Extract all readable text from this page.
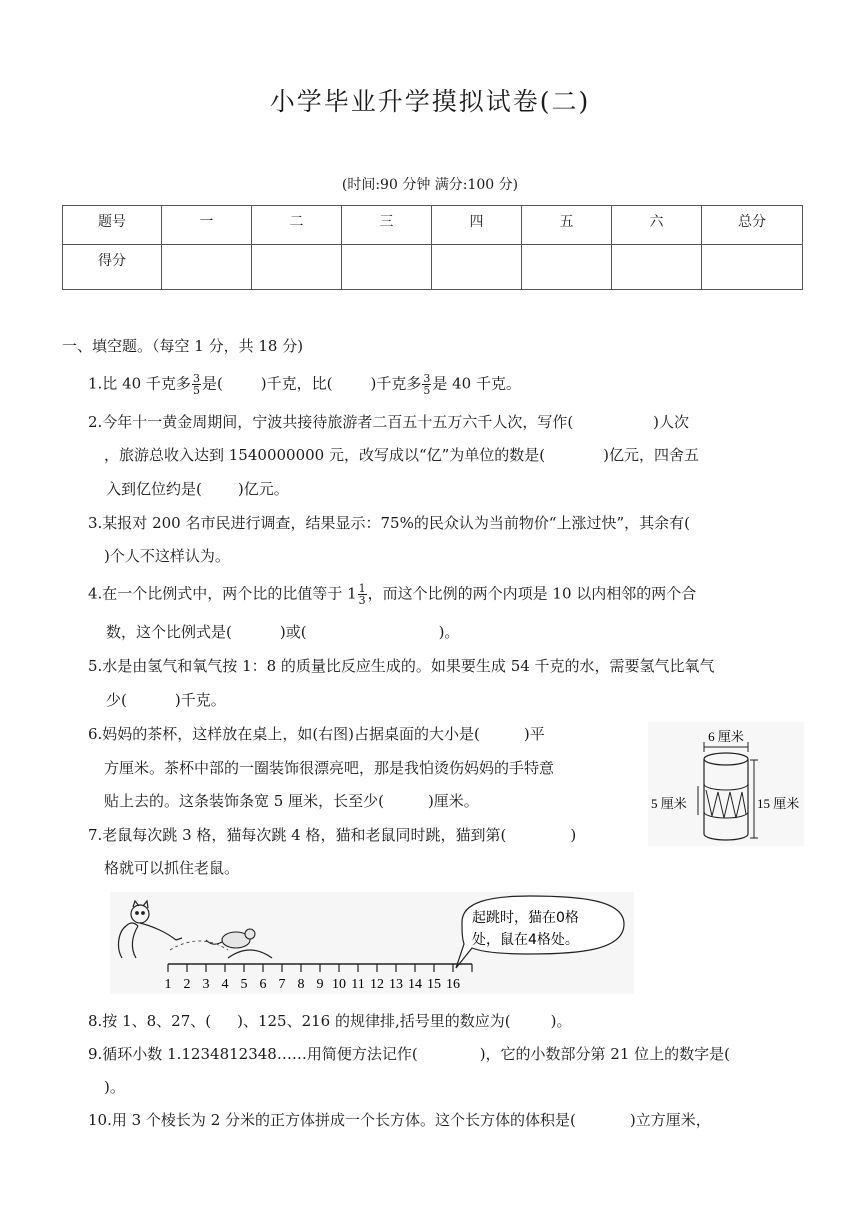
小学毕业升学摸拟试卷(二)
(时间:90 分钟 满分:100 分)
题号	一	二	三	四	五	六	总分
得分							
一、填空题。（每空 1 分，共 18 分)
1.比 40 千克多 $\frac{3}{5}$ 是(	)千克，比(	)千克多 $\frac{3}{5}$ 是 40 千克。
2.今年十一黄金周期间，宁波共接待旅游者二百五十五万六千人次，写作(	)人次
，旅游总收入达到 1540000000 元，改写成以“亿”为单位的数是(	)亿元，四舍五
入到亿位约是( )亿元。
3.某报对 200 名市民进行调查，结果显示：75%的民众认为当前物价“上涨过快”，其余有(
)个人不这样认为。
4.在一个比例式中，两个比的比值等于 $1 \frac{1}{3}$ ，而这个比例的两个内项是 10 以内相邻的两个合
数，这个比例式是(	)或(	)。
5.水是由氢气和氧气按 1：8 的质量比反应生成的。如果要生成 54 千克的水，需要氢气比氧气
少(	)千克。
6.妈妈的茶杯，这样放在桌上，如(右图)占据桌面的大小是(	)平
方厘米。茶杯中部的一圈装饰很漂亮吧，那是我怕烫伤妈妈的手特意
贴上去的。这条装饰条宽 5 厘米，长至少(	)厘米。
6 厘米
5 厘米	15 厘米
7.老鼠每次跳 3 格，猫每次跳 4 格，猫和老鼠同时跳，猫到第(	)
格就可以抓住老鼠。
起跳时，猫在0格
处，鼠在4格处。
1 2 3 4 5 6 7 8 9 10 11 12 13 14 15 16
8.按 1、8、27、( )、125、216 的规律排,括号里的数应为(	)。
9.循环小数 1.1234812348……用简便方法记作(	)，它的小数部分第 21 位上的数字是(
)。
10.用 3 个棱长为 2 分米的正方体拼成一个长方体。这个长方体的体积是(	)立方厘米，
